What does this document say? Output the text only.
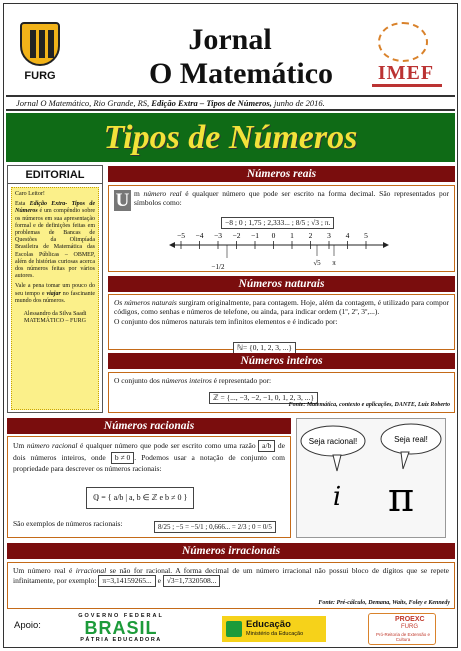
FURG
Jornal
O Matemático	IMEF
Jornal O Matemático, Rio Grande, RS, Edição Extra – Tipos de Números, junho de 2016.
Tipos de Números
EDITORIAL

Caro Leitor!

Esta Edição Extra- Tipos de Números é um compêndio sobre os números em sua apresentação formal e de definições feitas em problemas de Bancas de Questões da Olimpíada Brasileira de Matemática das Escolas Públicas – OBMEP, além de histórias curiosas acerca dos números feitas por vários autores.

Vale a pena tomar um pouco do seu tempo e viajar no fascinante mundo dos números.

Alessandro da Silva Saadi
MATEMÁTICO – FURG

Números reais
U m número real é qualquer número que pode ser escrito na forma decimal. São representados por símbolos como:
−8 ; 0 ; 1,75 ; 2,333... ; 8/5 ; √3 ; π.
−5 −4 −3 −2 −1 0 1 2 3 4 5
−1/2	√5 π
Números naturais
Os números naturais surgiram originalmente, para contagem. Hoje, além da contagem, é utilizado para compor códigos, como senhas e números de telefone, ou ainda, para indicar ordem (1º, 2º, 3º,...).
O conjunto dos números naturais tem infinitos elementos e é indicado por:
ℕ= {0, 1, 2, 3, ...}
Números inteiros
O conjunto dos números inteiros é representado por:
ℤ = {..., −3, −2, −1, 0, 1, 2, 3, ...}
Fonte: Matemática, contexto e aplicações, DANTE, Luiz Roberto
Números racionais
Um número racional é qualquer número que pode ser escrito como uma razão a/b de dois números inteiros, onde b ≠ 0 . Podemos usar a notação de conjunto com propriedade para descrever os números racionais:
ℚ = { a/b | a, b ∈ ℤ e b ≠ 0 }
São exemplos de números racionais:	8/25 ; −5 = −5/1 ; 0,666... = 2/3 ; 0 = 0/5
Seja racional!	Seja real!
i π
Números irracionais
Um número real é irracional se não for racional. A forma decimal de um número irracional não possui bloco de dígitos que se repete infinitamente, por exemplo: π=3,14159265... e √3=1,7320508...
Fonte: Pré-cálculo, Demana, Waits, Foley e Kennedy
Apoio:
GOVERNO FEDERAL
BRASIL
PÁTRIA EDUCADORA
Educação
Ministério da Educação
PROEXC
FURG
Pró-Reitoria de Extensão e Cultura
